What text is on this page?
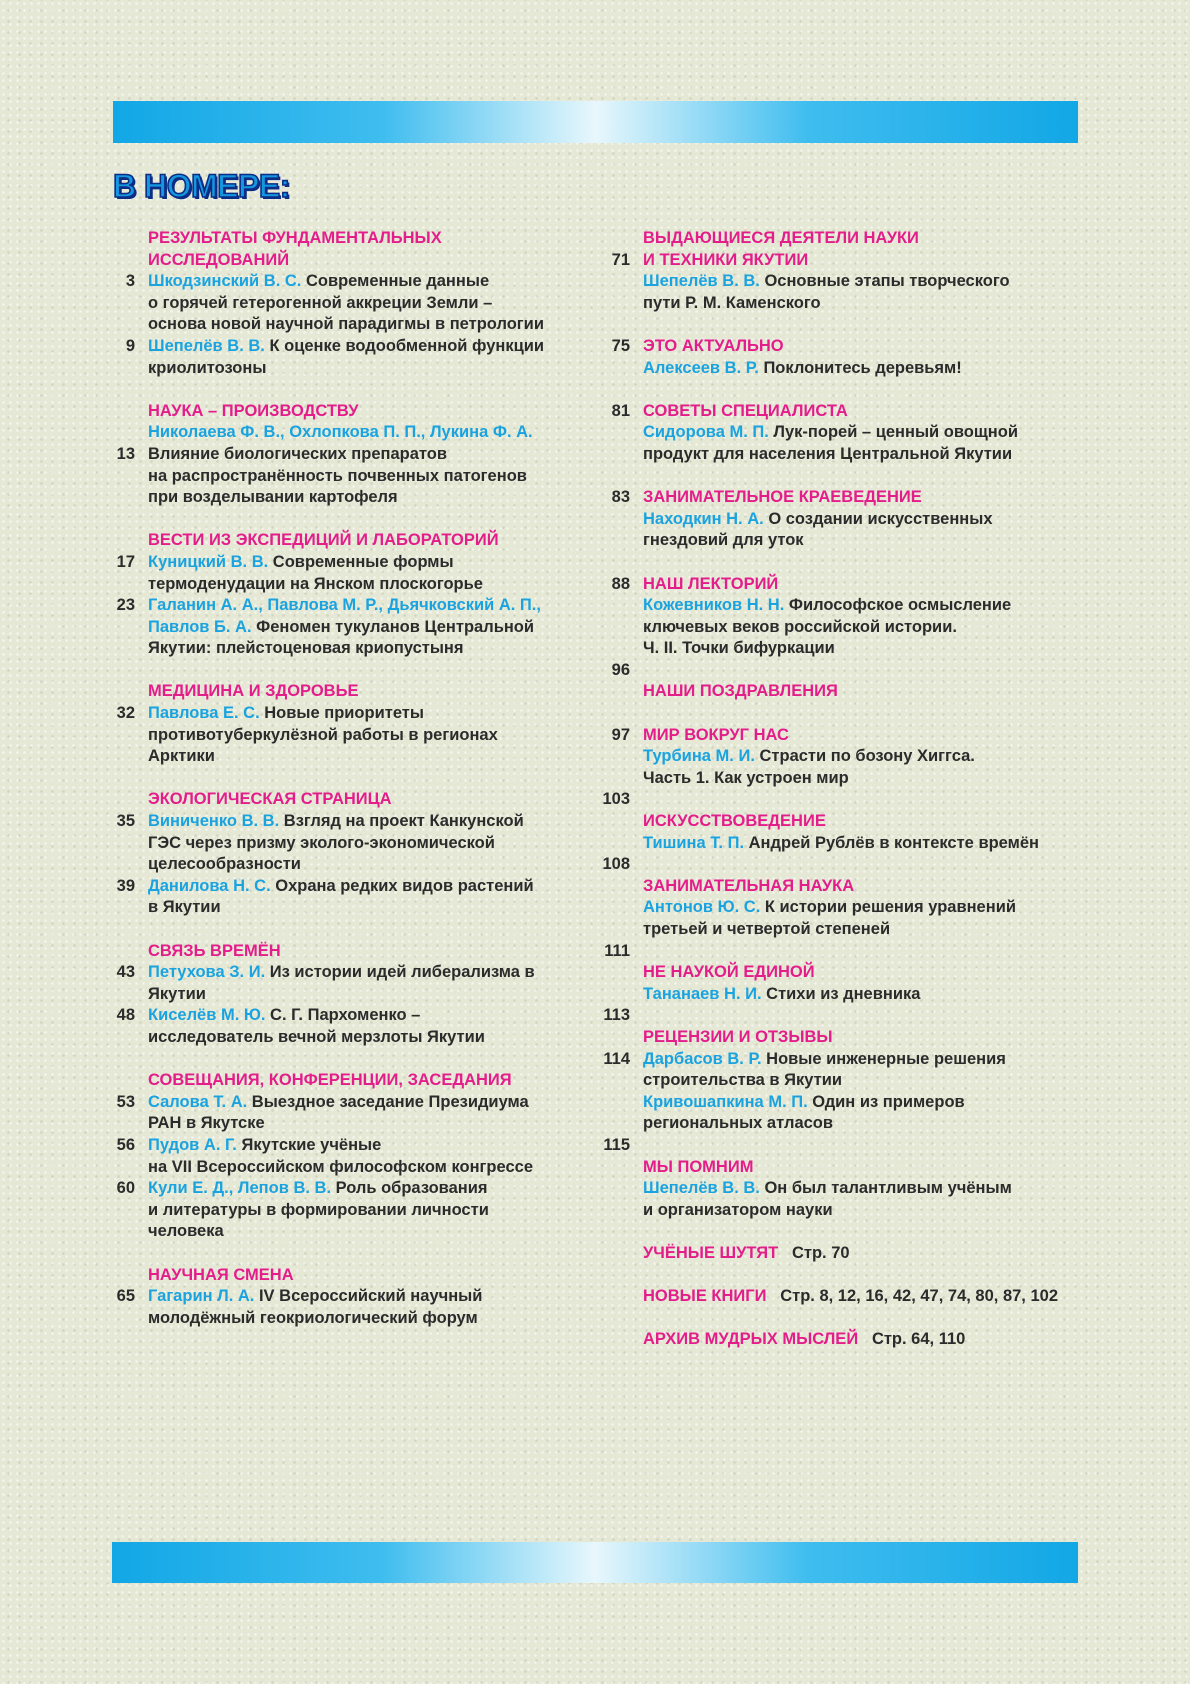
В НОМЕРЕ:
РЕЗУЛЬТАТЫ ФУНДАМЕНТАЛЬНЫХ
ИССЛЕДОВАНИЙ
3 Шкодзинский В. С. Современные данные
о горячей гетерогенной аккреции Земли –
основа новой научной парадигмы в петрологии
9 Шепелёв В. В. К оценке водообменной функции
криолитозоны
НАУКА – ПРОИЗВОДСТВУ
Николаева Ф. В., Охлопкова П. П., Лукина Ф. А.
13 Влияние биологических препаратов
на распространённость почвенных патогенов
при возделывании картофеля
ВЕСТИ ИЗ ЭКСПЕДИЦИЙ И ЛАБОРАТОРИЙ
17 Куницкий В. В. Современные формы
термоденудации на Янском плоскогорье
23 Галанин А. А., Павлова М. Р., Дьячковский А. П.,
Павлов Б. А. Феномен тукуланов Центральной
Якутии: плейстоценовая криопустыня
МЕДИЦИНА И ЗДОРОВЬЕ
32 Павлова Е. С. Новые приоритеты
противотуберкулёзной работы в регионах
Арктики
ЭКОЛОГИЧЕСКАЯ СТРАНИЦА
35 Виниченко В. В. Взгляд на проект Канкунской
ГЭС через призму эколого-экономической
целесообразности
39 Данилова Н. С. Охрана редких видов растений
в Якутии
СВЯЗЬ ВРЕМЁН
43 Петухова З. И. Из истории идей либерализма в
Якутии
48 Киселёв М. Ю. С. Г. Пархоменко –
исследователь вечной мерзлоты Якутии
СОВЕЩАНИЯ, КОНФЕРЕНЦИИ, ЗАСЕДАНИЯ
53 Салова Т. А. Выездное заседание Президиума
РАН в Якутске
56 Пудов А. Г. Якутские учёные
на VII Всероссийском философском конгрессе
60 Кули Е. Д., Лепов В. В. Роль образования
и литературы в формировании личности
человека
НАУЧНАЯ СМЕНА
65 Гагарин Л. А. IV Всероссийский научный
молодёжный геокриологический форум
ВЫДАЮЩИЕСЯ ДЕЯТЕЛИ НАУКИ
71 И ТЕХНИКИ ЯКУТИИ
Шепелёв В. В. Основные этапы творческого
пути Р. М. Каменского
75 ЭТО АКТУАЛЬНО
Алексеев В. Р. Поклонитесь деревьям!
81 СОВЕТЫ СПЕЦИАЛИСТА
Сидорова М. П. Лук-порей – ценный овощной
продукт для населения Центральной Якутии
83 ЗАНИМАТЕЛЬНОЕ КРАЕВЕДЕНИЕ
Находкин Н. А. О создании искусственных
гнездовий для уток
88 НАШ ЛЕКТОРИЙ
Кожевников Н. Н. Философское осмысление
ключевых веков российской истории.
Ч. II. Точки бифуркации
96
НАШИ ПОЗДРАВЛЕНИЯ
97 МИР ВОКРУГ НАС
Турбина М. И. Страсти по бозону Хиггса.
Часть 1. Как устроен мир
103
ИСКУССТВОВЕДЕНИЕ
Тишина Т. П. Андрей Рублёв в контексте времён
108
ЗАНИМАТЕЛЬНАЯ НАУКА
Антонов Ю. С. К истории решения уравнений
третьей и четвертой степеней
111
НЕ НАУКОЙ ЕДИНОЙ
Тананаев Н. И. Стихи из дневника
113
РЕЦЕНЗИИ И ОТЗЫВЫ
114 Дарбасов В. Р. Новые инженерные решения
строительства в Якутии
Кривошапкина М. П. Один из примеров
региональных атласов
115
МЫ ПОМНИМ
Шепелёв В. В. Он был талантливым учёным
и организатором науки
УЧЁНЫЕ ШУТЯТ   Стр. 70
НОВЫЕ КНИГИ   Стр. 8, 12, 16, 42, 47, 74, 80, 87, 102
АРХИВ МУДРЫХ МЫСЛЕЙ   Стр. 64, 110
